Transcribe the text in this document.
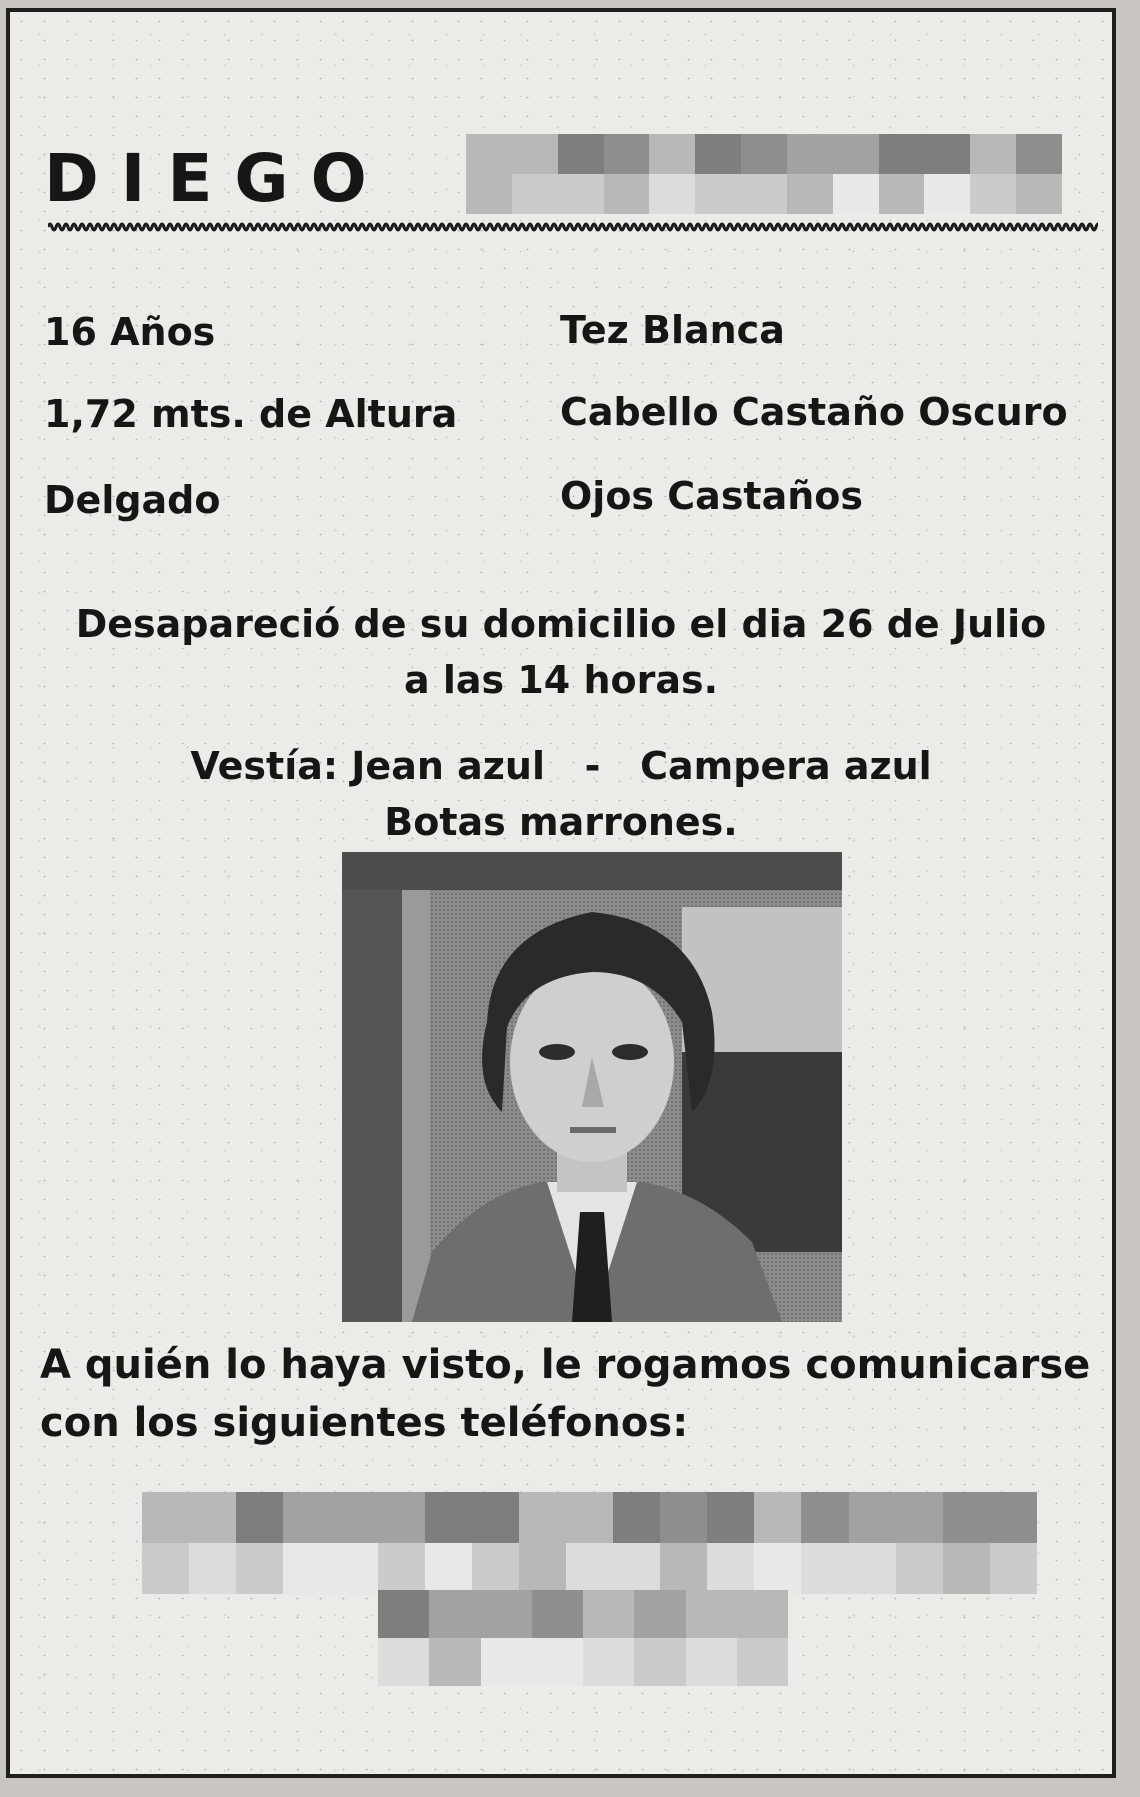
DIEGO
16 Años
1,72 mts. de Altura
Delgado
Tez Blanca
Cabello Castaño Oscuro
Ojos Castaños
Desapareció de su domicilio el dia 26 de Julio
a las 14 horas.
Vestía: Jean azul   -   Campera azul
Botas marrones.
A quién lo haya visto, le rogamos comunicarse
con los siguientes teléfonos:
